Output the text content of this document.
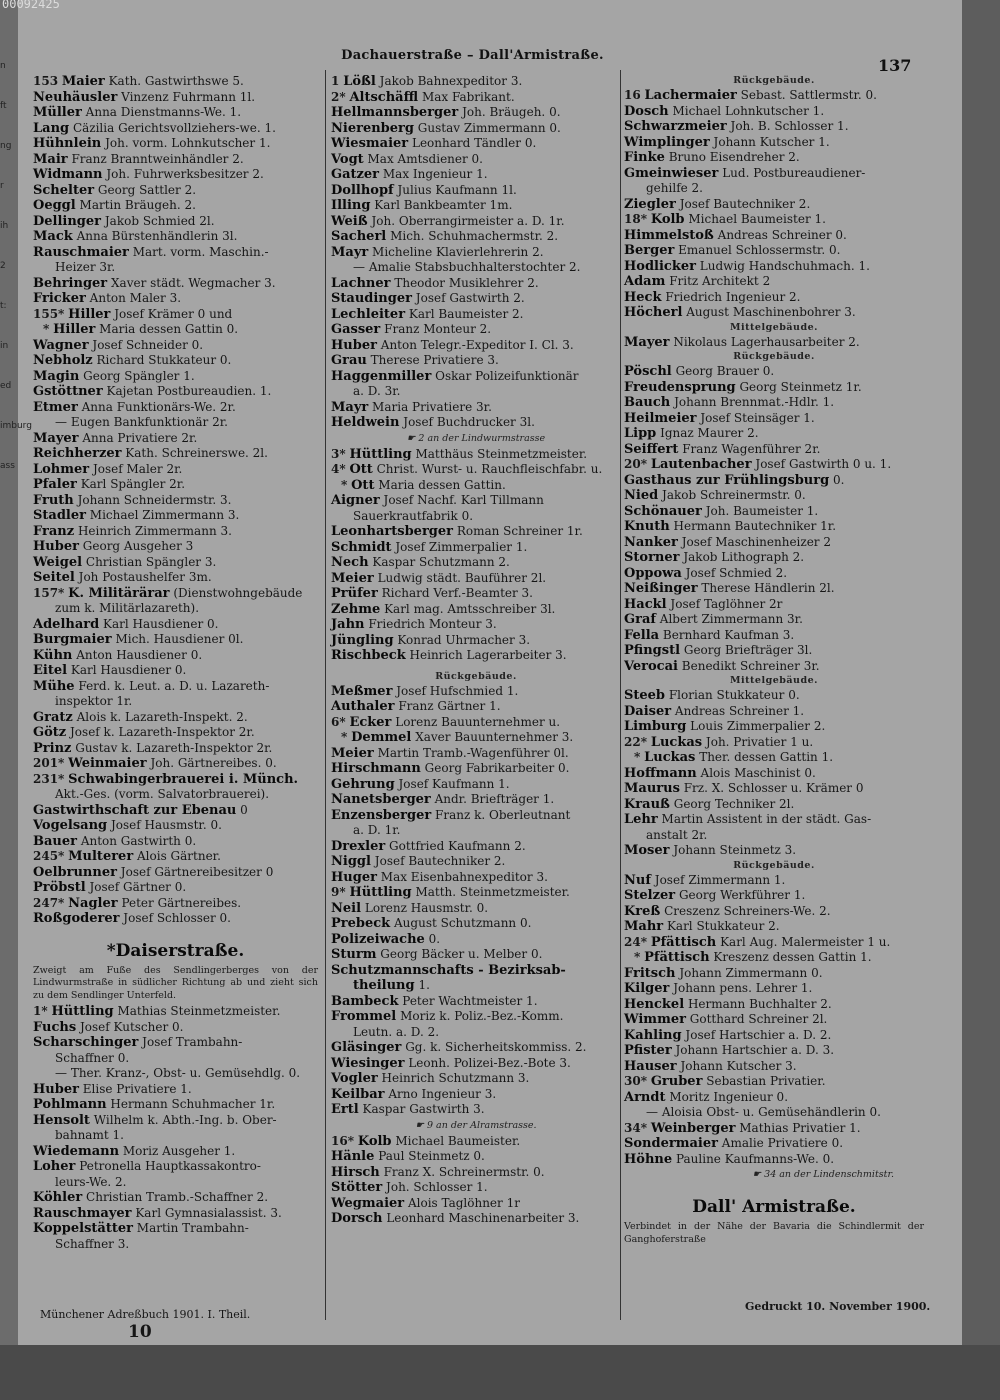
00092425
n
ft
ng
r
ih
2
t:
in
ed
imburg
ass
Dachauerstraße – Dall'Armistraße.
137
153 Maier Kath. Gastwirthswe 5.
Neuhäusler Vinzenz Fuhrmann 1l.
Müller Anna Dienstmanns-We. 1.
Lang Cäzilia Gerichtsvollziehers-we. 1.
Hühnlein Joh. vorm. Lohnkutscher 1.
Mair Franz Branntweinhändler 2.
Widmann Joh. Fuhrwerksbesitzer 2.
Schelter Georg Sattler 2.
Oeggl Martin Bräugeh. 2.
Dellinger Jakob Schmied 2l.
Mack Anna Bürstenhändlerin 3l.
Rauschmaier Mart. vorm. Maschin.-
Heizer 3r.
Behringer Xaver städt. Wegmacher 3.
Fricker Anton Maler 3.
155* Hiller Josef Krämer 0 und
* Hiller Maria dessen Gattin 0.
Wagner Josef Schneider 0.
Nebholz Richard Stukkateur 0.
Magin Georg Spängler 1.
Gstöttner Kajetan Postbureaudien. 1.
Etmer Anna Funktionärs-We. 2r.
— Eugen Bankfunktionär 2r.
Mayer Anna Privatiere 2r.
Reichherzer Kath. Schreinerswe. 2l.
Lohmer Josef Maler 2r.
Pfaler Karl Spängler 2r.
Fruth Johann Schneidermstr. 3.
Stadler Michael Zimmermann 3.
Franz Heinrich Zimmermann 3.
Huber Georg Ausgeher 3
Weigel Christian Spängler 3.
Seitel Joh Postaushelfer 3m.
157* K. Militärärar (Dienstwohngebäude
zum k. Militärlazareth).
Adelhard Karl Hausdiener 0.
Burgmaier Mich. Hausdiener 0l.
Kühn Anton Hausdiener 0.
Eitel Karl Hausdiener 0.
Mühe Ferd. k. Leut. a. D. u. Lazareth-
inspektor 1r.
Gratz Alois k. Lazareth-Inspekt. 2.
Götz Josef k. Lazareth-Inspektor 2r.
Prinz Gustav k. Lazareth-Inspektor 2r.
201* Weinmaier Joh. Gärtnereibes. 0.
231* Schwabingerbrauerei i. Münch.
Akt.-Ges. (vorm. Salvatorbrauerei).
Gastwirthschaft zur Ebenau 0
Vogelsang Josef Hausmstr. 0.
Bauer Anton Gastwirth 0.
245* Multerer Alois Gärtner.
Oelbrunner Josef Gärtnereibesitzer 0
Pröbstl Josef Gärtner 0.
247* Nagler Peter Gärtnereibes.
Roßgoderer Josef Schlosser 0.
*Daiserstraße.
Zweigt am Fuße des Sendlingerberges von der Lindwurmstraße in südlicher Richtung ab und zieht sich zu dem Sendlinger Unterfeld.
1* Hüttling Mathias Steinmetzmeister.
Fuchs Josef Kutscher 0.
Scharschinger Josef Trambahn-
Schaffner 0.
— Ther. Kranz-, Obst- u. Gemüsehdlg. 0.
Huber Elise Privatiere 1.
Pohlmann Hermann Schuhmacher 1r.
Hensolt Wilhelm k. Abth.-Ing. b. Ober-
bahnamt 1.
Wiedemann Moriz Ausgeher 1.
Loher Petronella Hauptkassakontro-
leurs-We. 2.
Köhler Christian Tramb.-Schaffner 2.
Rauschmayer Karl Gymnasialassist. 3.
Koppelstätter Martin Trambahn-
Schaffner 3.
1 Lößl Jakob Bahnexpeditor 3.
2* Altschäffl Max Fabrikant.
Hellmannsberger Joh. Bräugeh. 0.
Nierenberg Gustav Zimmermann 0.
Wiesmaier Leonhard Tändler 0.
Vogt Max Amtsdiener 0.
Gatzer Max Ingenieur 1.
Dollhopf Julius Kaufmann 1l.
Illing Karl Bankbeamter 1m.
Weiß Joh. Oberrangirmeister a. D. 1r.
Sacherl Mich. Schuhmachermstr. 2.
Mayr Micheline Klavierlehrerin 2.
— Amalie Stabsbuchhalterstochter 2.
Lachner Theodor Musiklehrer 2.
Staudinger Josef Gastwirth 2.
Lechleiter Karl Baumeister 2.
Gasser Franz Monteur 2.
Huber Anton Telegr.-Expeditor I. Cl. 3.
Grau Therese Privatiere 3.
Haggenmiller Oskar Polizeifunktionär
a. D. 3r.
Mayr Maria Privatiere 3r.
Heldwein Josef Buchdrucker 3l.
☛ 2 an der Lindwurmstrasse
3* Hüttling Matthäus Steinmetzmeister.
4* Ott Christ. Wurst- u. Rauchfleischfabr. u.
* Ott Maria dessen Gattin.
Aigner Josef Nachf. Karl Tillmann
Sauerkrautfabrik 0.
Leonhartsberger Roman Schreiner 1r.
Schmidt Josef Zimmerpalier 1.
Nech Kaspar Schutzmann 2.
Meier Ludwig städt. Bauführer 2l.
Prüfer Richard Verf.-Beamter 3.
Zehme Karl mag. Amtsschreiber 3l.
Jahn Friedrich Monteur 3.
Jüngling Konrad Uhrmacher 3.
Rischbeck Heinrich Lagerarbeiter 3.
Rückgebäude.
Meßmer Josef Hufschmied 1.
Authaler Franz Gärtner 1.
6* Ecker Lorenz Bauunternehmer u.
* Demmel Xaver Bauunternehmer 3.
Meier Martin Tramb.-Wagenführer 0l.
Hirschmann Georg Fabrikarbeiter 0.
Gehrung Josef Kaufmann 1.
Nanetsberger Andr. Briefträger 1.
Enzensberger Franz k. Oberleutnant
a. D. 1r.
Drexler Gottfried Kaufmann 2.
Niggl Josef Bautechniker 2.
Huger Max Eisenbahnexpeditor 3.
9* Hüttling Matth. Steinmetzmeister.
Neil Lorenz Hausmstr. 0.
Prebeck August Schutzmann 0.
Polizeiwache 0.
Sturm Georg Bäcker u. Melber 0.
Schutzmannschafts - Bezirksab-
theilung 1.
Bambeck Peter Wachtmeister 1.
Frommel Moriz k. Poliz.-Bez.-Komm.
Leutn. a. D. 2.
Gläsinger Gg. k. Sicherheitskommiss. 2.
Wiesinger Leonh. Polizei-Bez.-Bote 3.
Vogler Heinrich Schutzmann 3.
Keilbar Arno Ingenieur 3.
Ertl Kaspar Gastwirth 3.
☛ 9 an der Alramstrasse.
16* Kolb Michael Baumeister.
Hänle Paul Steinmetz 0.
Hirsch Franz X. Schreinermstr. 0.
Stötter Joh. Schlosser 1.
Wegmaier Alois Taglöhner 1r
Dorsch Leonhard Maschinenarbeiter 3.
Rückgebäude.
16 Lachermaier Sebast. Sattlermstr. 0.
Dosch Michael Lohnkutscher 1.
Schwarzmeier Joh. B. Schlosser 1.
Wimplinger Johann Kutscher 1.
Finke Bruno Eisendreher 2.
Gmeinwieser Lud. Postbureaudiener-
gehilfe 2.
Ziegler Josef Bautechniker 2.
18* Kolb Michael Baumeister 1.
Himmelstoß Andreas Schreiner 0.
Berger Emanuel Schlossermstr. 0.
Hodlicker Ludwig Handschuhmach. 1.
Adam Fritz Architekt 2
Heck Friedrich Ingenieur 2.
Höcherl August Maschinenbohrer 3.
Mittelgebäude.
Mayer Nikolaus Lagerhausarbeiter 2.
Rückgebäude.
Pöschl Georg Brauer 0.
Freudensprung Georg Steinmetz 1r.
Bauch Johann Brennmat.-Hdlr. 1.
Heilmeier Josef Steinsäger 1.
Lipp Ignaz Maurer 2.
Seiffert Franz Wagenführer 2r.
20* Lautenbacher Josef Gastwirth 0 u. 1.
Gasthaus zur Frühlingsburg 0.
Nied Jakob Schreinermstr. 0.
Schönauer Joh. Baumeister 1.
Knuth Hermann Bautechniker 1r.
Nanker Josef Maschinenheizer 2
Storner Jakob Lithograph 2.
Oppowa Josef Schmied 2.
Neißinger Therese Händlerin 2l.
Hackl Josef Taglöhner 2r
Graf Albert Zimmermann 3r.
Fella Bernhard Kaufman 3.
Pfingstl Georg Briefträger 3l.
Verocai Benedikt Schreiner 3r.
Mittelgebäude.
Steeb Florian Stukkateur 0.
Daiser Andreas Schreiner 1.
Limburg Louis Zimmerpalier 2.
22* Luckas Joh. Privatier 1 u.
* Luckas Ther. dessen Gattin 1.
Hoffmann Alois Maschinist 0.
Maurus Frz. X. Schlosser u. Krämer 0
Krauß Georg Techniker 2l.
Lehr Martin Assistent in der städt. Gas-
anstalt 2r.
Moser Johann Steinmetz 3.
Rückgebäude.
Nuf Josef Zimmermann 1.
Stelzer Georg Werkführer 1.
Kreß Creszenz Schreiners-We. 2.
Mahr Karl Stukkateur 2.
24* Pfättisch Karl Aug. Malermeister 1 u.
* Pfättisch Kreszenz dessen Gattin 1.
Fritsch Johann Zimmermann 0.
Kilger Johann pens. Lehrer 1.
Henckel Hermann Buchhalter 2.
Wimmer Gotthard Schreiner 2l.
Kahling Josef Hartschier a. D. 2.
Pfister Johann Hartschier a. D. 3.
Hauser Johann Kutscher 3.
30* Gruber Sebastian Privatier.
Arndt Moritz Ingenieur 0.
— Aloisia Obst- u. Gemüsehändlerin 0.
34* Weinberger Mathias Privatier 1.
Sondermaier Amalie Privatiere 0.
Höhne Pauline Kaufmanns-We. 0.
☛ 34 an der Lindenschmitstr.
Dall' Armistraße.
Verbindet in der Nähe der Bavaria die Schindlermit der Ganghoferstraße
Münchener Adreßbuch 1901. I. Theil.
10
Gedruckt 10. November 1900.
